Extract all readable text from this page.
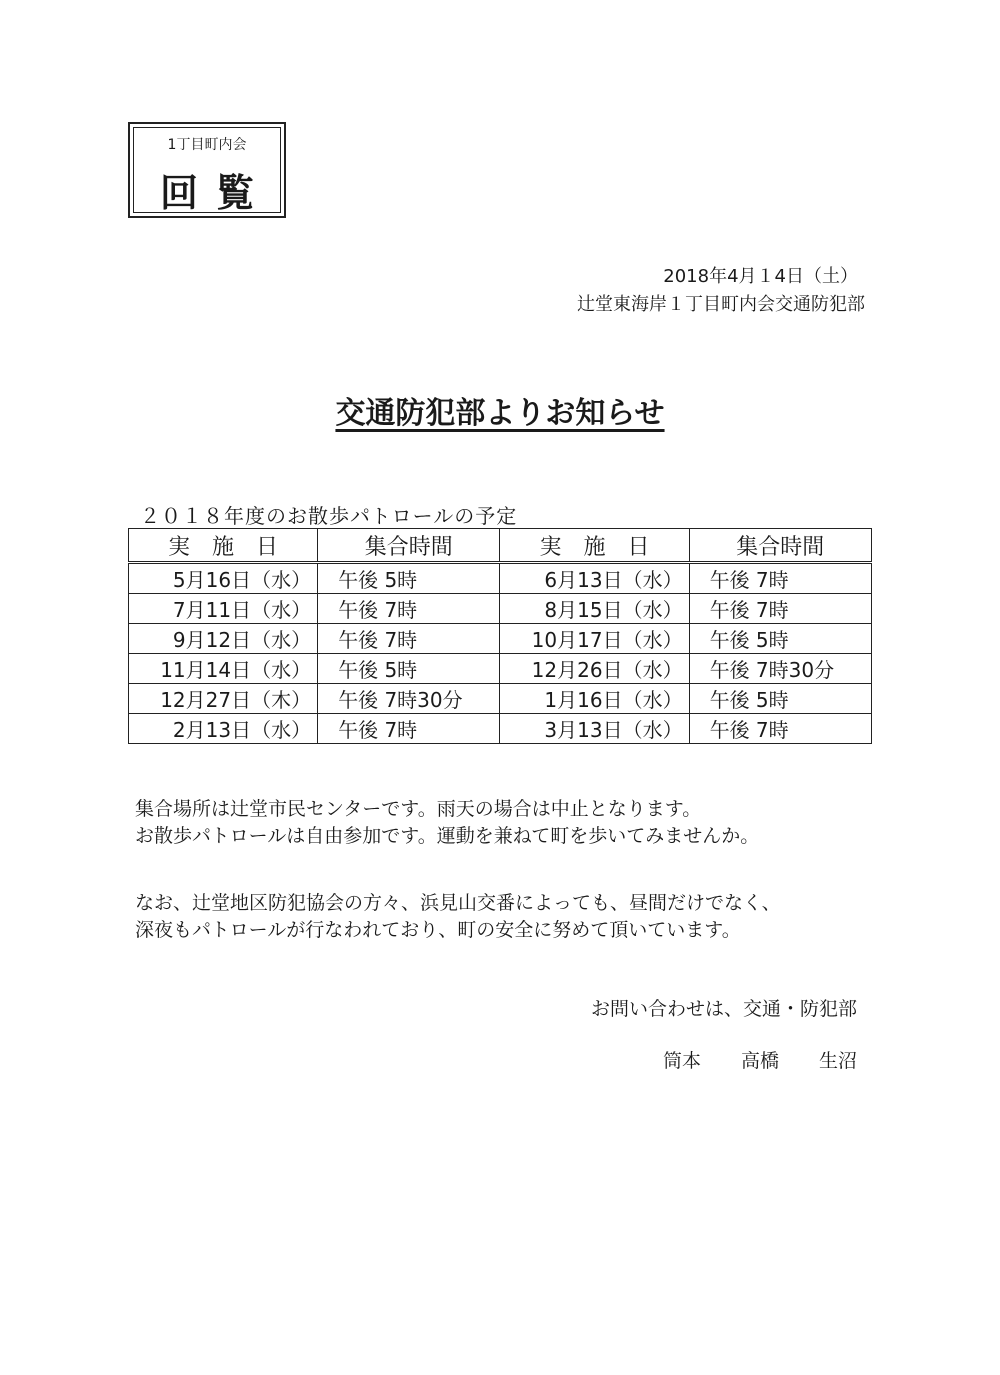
1丁目町内会
回覧
2018年4月１4日（土）
辻堂東海岸１丁目町内会交通防犯部
交通防犯部よりお知らせ
２０１８年度のお散歩パトロールの予定
実　施　日	集合時間	実　施　日	集合時間
5月16日（水）	午後 5時	6月13日（水）	午後 7時
7月11日（水）	午後 7時	8月15日（水）	午後 7時
9月12日（水）	午後 7時	10月17日（水）	午後 5時
11月14日（水）	午後 5時	12月26日（水）	午後 7時30分
12月27日（木）	午後 7時30分	1月16日（水）	午後 5時
2月13日（水）	午後 7時	3月13日（水）	午後 7時
集合場所は辻堂市民センターです。雨天の場合は中止となります。
お散歩パトロールは自由参加です。運動を兼ねて町を歩いてみませんか。
なお、辻堂地区防犯協会の方々、浜見山交番によっても、昼間だけでなく、
深夜もパトロールが行なわれており、町の安全に努めて頂いています。
お問い合わせは、交通・防犯部
筒本 高橋 生沼
